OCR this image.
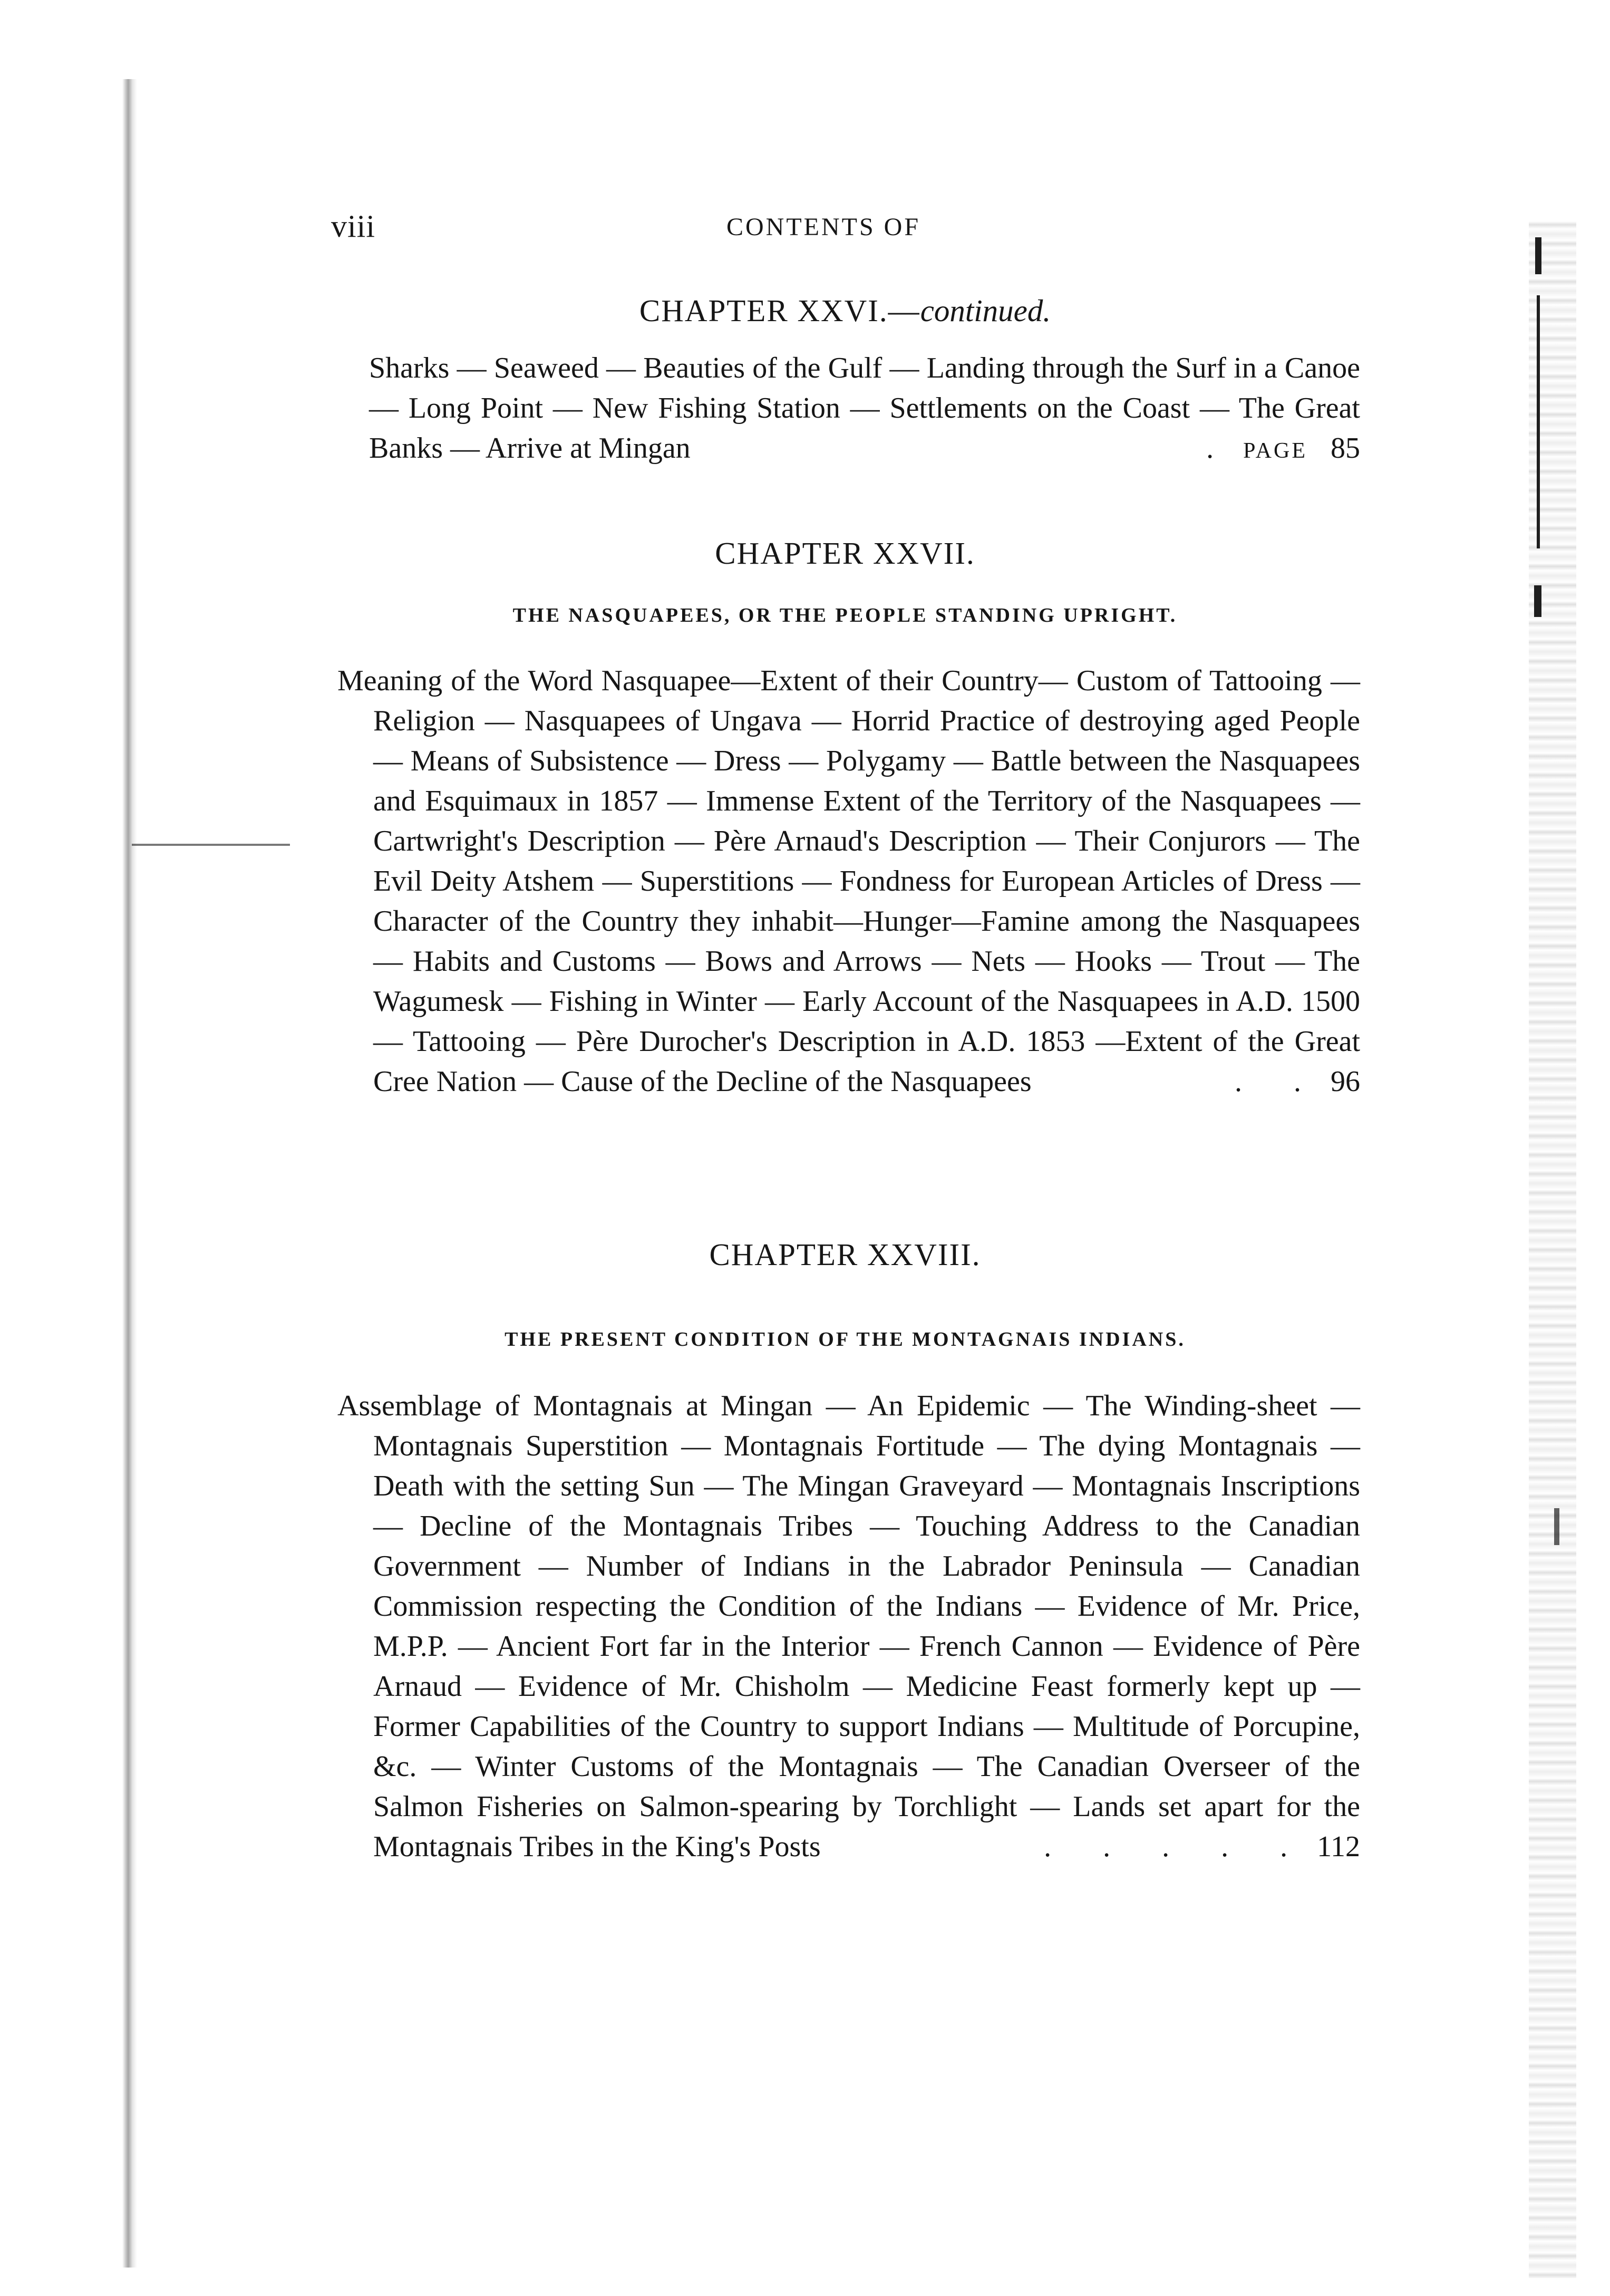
viii	CONTENTS OF
CHAPTER XXVI.—continued.
Sharks — Seaweed — Beauties of the Gulf — Landing through the Surf in a Canoe — Long Point — New Fishing Station — Settlements on the Coast — The Great Banks — Arrive at Mingan	. PAGE 85
CHAPTER XXVII.
THE NASQUAPEES, OR THE PEOPLE STANDING UPRIGHT.
Meaning of the Word Nasquapee—Extent of their Country— Custom of Tattooing — Religion — Nasquapees of Ungava — Horrid Practice of destroying aged People — Means of Subsistence — Dress — Polygamy — Battle between the Nasquapees and Esquimaux in 1857 — Immense Extent of the Territory of the Nasquapees — Cartwright's Description — Père Arnaud's Description — Their Conjurors — The Evil Deity Atshem — Superstitions — Fondness for European Articles of Dress —Character of the Country they inhabit—Hunger—Famine among the Nasquapees — Habits and Customs — Bows and Arrows — Nets — Hooks — Trout — The Wagumesk — Fishing in Winter — Early Account of the Nasquapees in A.D. 1500 — Tattooing — Père Durocher's Description in A.D. 1853 —Extent of the Great Cree Nation — Cause of the Decline of the Nasquapees	. . 96
CHAPTER XXVIII.
THE PRESENT CONDITION OF THE MONTAGNAIS INDIANS.
Assemblage of Montagnais at Mingan — An Epidemic — The Winding-sheet — Montagnais Superstition — Montagnais Fortitude — The dying Montagnais — Death with the setting Sun — The Mingan Graveyard — Montagnais Inscriptions — Decline of the Montagnais Tribes — Touching Address to the Canadian Government — Number of Indians in the Labrador Peninsula — Canadian Commission respecting the Condition of the Indians — Evidence of Mr. Price, M.P.P. — Ancient Fort far in the Interior — French Cannon — Evidence of Père Arnaud — Evidence of Mr. Chisholm — Medicine Feast formerly kept up — Former Capabilities of the Country to support Indians — Multitude of Porcupine, &c. — Winter Customs of the Montagnais — The Canadian Overseer of the Salmon Fisheries on Salmon-spearing by Torchlight — Lands set apart for the Montagnais Tribes in the King's Posts	. . . . . 112
